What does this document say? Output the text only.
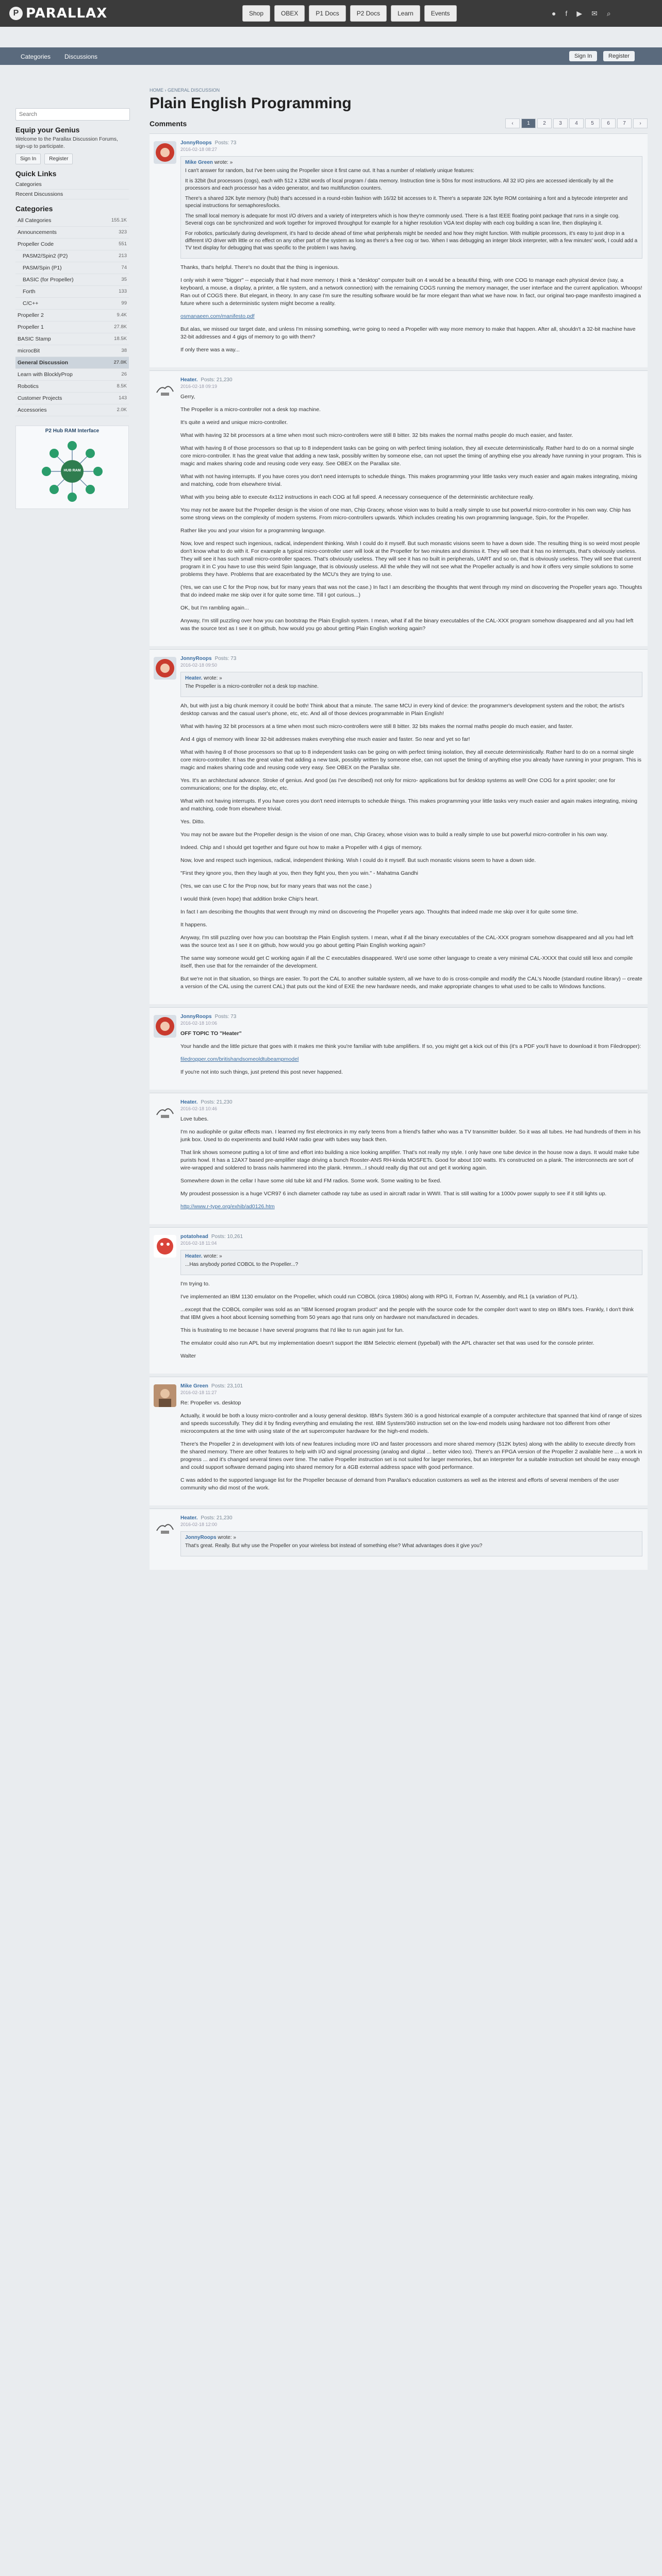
P PARALLAX	Shop	OBEX	P1 Docs	P2 Docs	Learn	Events	● f ▶ ✉ ⌕
Categories Discussions	Sign In	Register
Search
Equip your Genius

Welcome to the Parallax Discussion Forums, sign-up to participate.

Sign In	Register
Quick Links
Categories
Recent Discussions
Categories
All Categories	155.1K
Announcements	323
Propeller Code	551
PASM2/Spin2 (P2)	213
PASM/Spin (P1)	74
BASIC (for Propeller)	35
Forth	133
C/C++	99
Propeller 2	9.4K
Propeller 1	27.8K
BASIC Stamp	18.5K
microcBit	38
General Discussion	27.0K
Learn with BlocklyProp	26
Robotics	8.5K
Customer Projects	143
Accessories	2.0K
P2 Hub RAM Interface
HUB RAM
HOME › GENERAL DISCUSSION
Plain English Programming
Comments	‹	1	2	3	4	5	6	7	›
JonnyRoops Posts: 73
2016-02-18 08:27
Mike Green wrote: »

I can't answer for random, but I've been using the Propeller since it first came out. It has a number of relatively unique features:

It is 32bit (but processors (cogs), each with 512 x 32bit words of local program / data memory. Instruction time is 50ns for most instructions. All 32 I/O pins are accessed identically by all the processors and each processor has a video generator, and two multifunction counters.

There's a shared 32K byte memory (hub) that's accessed in a round-robin fashion with 16/32 bit accesses to it. There's a separate 32K byte ROM containing a font and a bytecode interpreter and special instructions for semaphores/locks.

The small local memory is adequate for most I/O drivers and a variety of interpreters which is how they're commonly used. There is a fast IEEE floating point package that runs in a single cog. Several cogs can be synchronized and work together for improved throughput for example for a higher resolution VGA text display with each cog building a scan line, then displaying it.

For robotics, particularly during development, it's hard to decide ahead of time what peripherals might be needed and how they might function. With multiple processors, it's easy to just drop in a different I/O driver with little or no effect on any other part of the system as long as there's a free cog or two. When I was debugging an integer block interpreter, with a few minutes' work, I could add a TV text display for debugging that was specific to the problem I was having.

Thanks, that's helpful. There's no doubt that the thing is ingenious.

I only wish it were "bigger" -- especially that it had more memory. I think a "desktop" computer built on 4 would be a beautiful thing, with one COG to manage each physical device (say, a keyboard, a mouse, a display, a printer, a file system, and a network connection) with the remaining COGS running the memory manager, the user interface and the current application. Whoops! Ran out of COGS there. But elegant, in theory. In any case I'm sure the resulting software would be far more elegant than what we have now. In fact, our original two-page manifesto imagined a future where such a deterministic system might become a reality.

osmanaeen.com/manifesto.pdf

But alas, we missed our target date, and unless I'm missing something, we're going to need a Propeller with way more memory to make that happen. After all, shouldn't a 32-bit machine have 32-bit addresses and 4 gigs of memory to go with them?

If only there was a way...

Heater. Posts: 21,230
2016-02-18 09:19

Gerry,

The Propeller is a micro-controller not a desk top machine.

It's quite a weird and unique micro-controller.

What with having 32 bit processors at a time when most such micro-controllers were still 8 bitter. 32 bits makes the normal maths people do much easier, and faster.

What with having 8 of those processors so that up to 8 independent tasks can be going on with perfect timing isolation, they all execute deterministically. Rather hard to do on a normal single core micro-controller. It has the great value that adding a new task, possibly written by someone else, can not upset the timing of anything else you already have running in your program. This is magic and makes sharing code and reusing code very easy. See OBEX on the Parallax site.

What with not having interrupts. If you have cores you don't need interrupts to schedule things. This makes programming your little tasks very much easier and again makes integrating, mixing and matching, code from elsewhere trivial.

What with you being able to execute 4x112 instructions in each COG at full speed. A necessary consequence of the deterministic architecture really.

You may not be aware but the Propeller design is the vision of one man, Chip Gracey, whose vision was to build a really simple to use but powerful micro-controller in his own way. Chip has some strong views on the complexity of modern systems. From micro-controllers upwards. Which includes creating his own programming language, Spin, for the Propeller.

Rather like you and your vision for a programming language.

Now, love and respect such ingenious, radical, independent thinking. Wish I could do it myself. But such monastic visions seem to have a down side. The resulting thing is so weird most people don't know what to do with it. For example a typical micro-controller user will look at the Propeller for two minutes and dismiss it. They will see that it has no interrupts, that's obviously useless. They will see it has such small micro-controller spaces. That's obviously useless. They will see it has no built in peripherals, UART and so on, that is obviously useless. They will see that current program it in C you have to use this weird Spin language, that is obviously useless. All the while they will not see what the Propeller actually is and how it offers very simple solutions to some problems they have. Problems that are exacerbated by the MCU's they are trying to use.

(Yes, we can use C for the Prop now, but for many years that was not the case.) In fact I am describing the thoughts that went through my mind on discovering the Propeller years ago. Thoughts that do indeed make me skip over it for quite some time. Till I got curious...)

OK, but I'm rambling again...

Anyway, I'm still puzzling over how you can bootstrap the Plain English system. I mean, what if all the binary executables of the CAL-XXX program somehow disappeared and all you had left was the source text as I see it on github, how would you go about getting Plain English working again?

JonnyRoops Posts: 73
2016-02-18 09:50
Heater. wrote: »

The Propeller is a micro-controller not a desk top machine.

Ah, but with just a big chunk memory it could be both! Think about that a minute. The same MCU in every kind of device: the programmer's development system and the robot; the artist's desktop canvas and the casual user's phone, etc, etc. And all of those devices programmable in Plain English!

What with having 32 bit processors at a time when most such micro-controllers were still 8 bitter. 32 bits makes the normal maths people do much easier, and faster.

And 4 gigs of memory with linear 32-bit addresses makes everything else much easier and faster. So near and yet so far!

What with having 8 of those processors so that up to 8 independent tasks can be going on with perfect timing isolation, they all execute deterministically. Rather hard to do on a normal single core micro-controller. It has the great value that adding a new task, possibly written by someone else, can not upset the timing of anything else you already have running in your program. This is magic and makes sharing code and reusing code very easy. See OBEX on the Parallax site.

Yes. It's an architectural advance. Stroke of genius. And good (as I've described) not only for micro- applications but for desktop systems as well! One COG for a print spooler; one for communications; one for the display, etc, etc.

What with not having interrupts. If you have cores you don't need interrupts to schedule things. This makes programming your little tasks very much easier and again makes integrating, mixing and matching, code from elsewhere trivial.

Yes. Ditto.

You may not be aware but the Propeller design is the vision of one man, Chip Gracey, whose vision was to build a really simple to use but powerful micro-controller in his own way.

Indeed. Chip and I should get together and figure out how to make a Propeller with 4 gigs of memory.

Now, love and respect such ingenious, radical, independent thinking. Wish I could do it myself. But such monastic visions seem to have a down side.

"First they ignore you, then they laugh at you, then they fight you, then you win." - Mahatma Gandhi

(Yes, we can use C for the Prop now, but for many years that was not the case.)

I would think (even hope) that addition broke Chip's heart.

In fact I am describing the thoughts that went through my mind on discovering the Propeller years ago. Thoughts that indeed made me skip over it for quite some time.

It happens.

Anyway, I'm still puzzling over how you can bootstrap the Plain English system. I mean, what if all the binary executables of the CAL-XXX program somehow disappeared and all you had left was the source text as I see it on github, how would you go about getting Plain English working again?

The same way someone would get C working again if all the C executables disappeared. We'd use some other language to create a very minimal CAL-XXXX that could still lexx and compile itself, then use that for the remainder of the development.

But we're not in that situation, so things are easier. To port the CAL to another suitable system, all we have to do is cross-compile and modify the CAL's Noodle (standard routine library) -- create a version of the CAL using the current CAL) that puts out the kind of EXE the new hardware needs, and make appropriate changes to what used to be calls to Windows functions.

JonnyRoops Posts: 73
2016-02-18 10:06

OFF TOPIC TO "Heater"

Your handle and the little picture that goes with it makes me think you're familiar with tube amplifiers. If so, you might get a kick out of this (it's a PDF you'll have to download it from Filedropper):

filedropper.com/britishandsomeoldtubeampmodel

If you're not into such things, just pretend this post never happened.

Heater. Posts: 21,230
2016-02-18 10:46

Love tubes.

I'm no audiophile or guitar effects man. I learned my first electronics in my early teens from a friend's father who was a TV transmitter builder. So it was all tubes. He had hundreds of them in his junk box. Used to do experiments and build HAM radio gear with tubes way back then.

That link shows someone putting a lot of time and effort into building a nice looking amplifier. That's not really my style. I only have one tube device in the house now a days. It would make tube purists howl. It has a 12AX7 based pre-amplifier stage driving a bunch Rooster-ANS RH-kinda MOSFETs. Good for about 100 watts. It's constructed on a plank. The interconnects are sort of wire-wrapped and soldered to brass nails hammered into the plank. Hmmm...I should really dig that out and get it working again.

Somewhere down in the cellar I have some old tube kit and FM radios. Some work. Some waiting to be fixed.

My proudest possession is a huge VCR97 6 inch diameter cathode ray tube as used in aircraft radar in WWII. That is still waiting for a 1000v power supply to see if it still lights up.

http://www.r-type.org/exhib/ad0126.htm

potatohead Posts: 10,261
2016-02-18 11:04
Heater. wrote: »

...Has anybody ported COBOL to the Propeller...?

I'm trying to.

I've implemented an IBM 1130 emulator on the Propeller, which could run COBOL (circa 1980s) along with RPG II, Fortran IV, Assembly, and RL1 (a variation of PL/1).

...except that the COBOL compiler was sold as an "IBM licensed program product" and the people with the source code for the compiler don't want to step on IBM's toes. Frankly, I don't think that IBM gives a hoot about licensing something from 50 years ago that runs only on hardware not manufactured in decades.

This is frustrating to me because I have several programs that I'd like to run again just for fun.

The emulator could also run APL but my implementation doesn't support the IBM Selectric element (typeball) with the APL character set that was used for the console printer.

Walter

Mike Green Posts: 23,101
2016-02-18 11:27

Re: Propeller vs. desktop

Actually, it would be both a lousy micro-controller and a lousy general desktop. IBM's System 360 is a good historical example of a computer architecture that spanned that kind of range of sizes and speeds successfully. They did it by finding everything and emulating the rest. IBM System/360 instruction set on the low-end models using hardware not too different from other microcomputers at the time with using state of the art supercomputer hardware for the high-end models.

There's the Propeller 2 in development with lots of new features including more I/O and faster processors and more shared memory (512K bytes) along with the ability to execute directly from the shared memory. There are other features to help with I/O and signal processing (analog and digital ... better video too). There's an FPGA version of the Propeller 2 available here ... a work in progress ... and it's changed several times over time. The native Propeller instruction set is not suited for larger memories, but an interpreter for a suitable instruction set should be easy enough and could support software demand paging into shared memory for a 4GB external address space with good performance.

C was added to the supported language list for the Propeller because of demand from Parallax's education customers as well as the interest and efforts of several members of the user community who did most of the work.

Heater. Posts: 21,230
2016-02-18 12:00
JonnyRoops wrote: »

That's great. Really. But why use the Propeller on your wireless bot instead of something else? What advantages does it give you?
